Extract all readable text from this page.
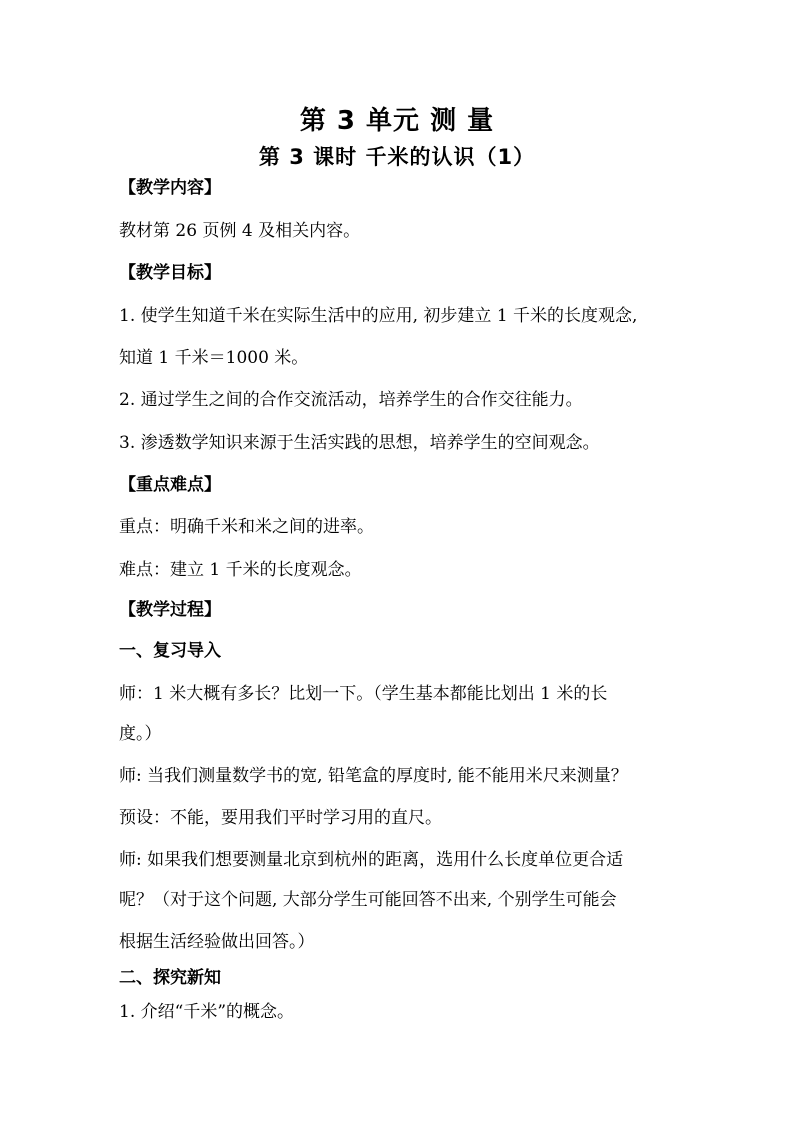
第 3 单元 测 量
第 3 课时 千米的认识（1）
【教学内容】
教材第 26 页例 4 及相关内容。
【教学目标】
1. 使学生知道千米在实际生活中的应用, 初步建立 1 千米的长度观念,
知道 1 千米＝1000 米。
2. 通过学生之间的合作交流活动，培养学生的合作交往能力。
3. 渗透数学知识来源于生活实践的思想，培养学生的空间观念。
【重点难点】
重点：明确千米和米之间的进率。
难点：建立 1 千米的长度观念。
【教学过程】
一、复习导入
师：1 米大概有多长？比划一下。（学生基本都能比划出 1 米的长
度。）
师: 当我们测量数学书的宽, 铅笔盒的厚度时, 能不能用米尺来测量？
预设：不能，要用我们平时学习用的直尺。
师: 如果我们想要测量北京到杭州的距离，选用什么长度单位更合适
呢？（对于这个问题, 大部分学生可能回答不出来, 个别学生可能会
根据生活经验做出回答。）
二、探究新知
1. 介绍“千米”的概念。
